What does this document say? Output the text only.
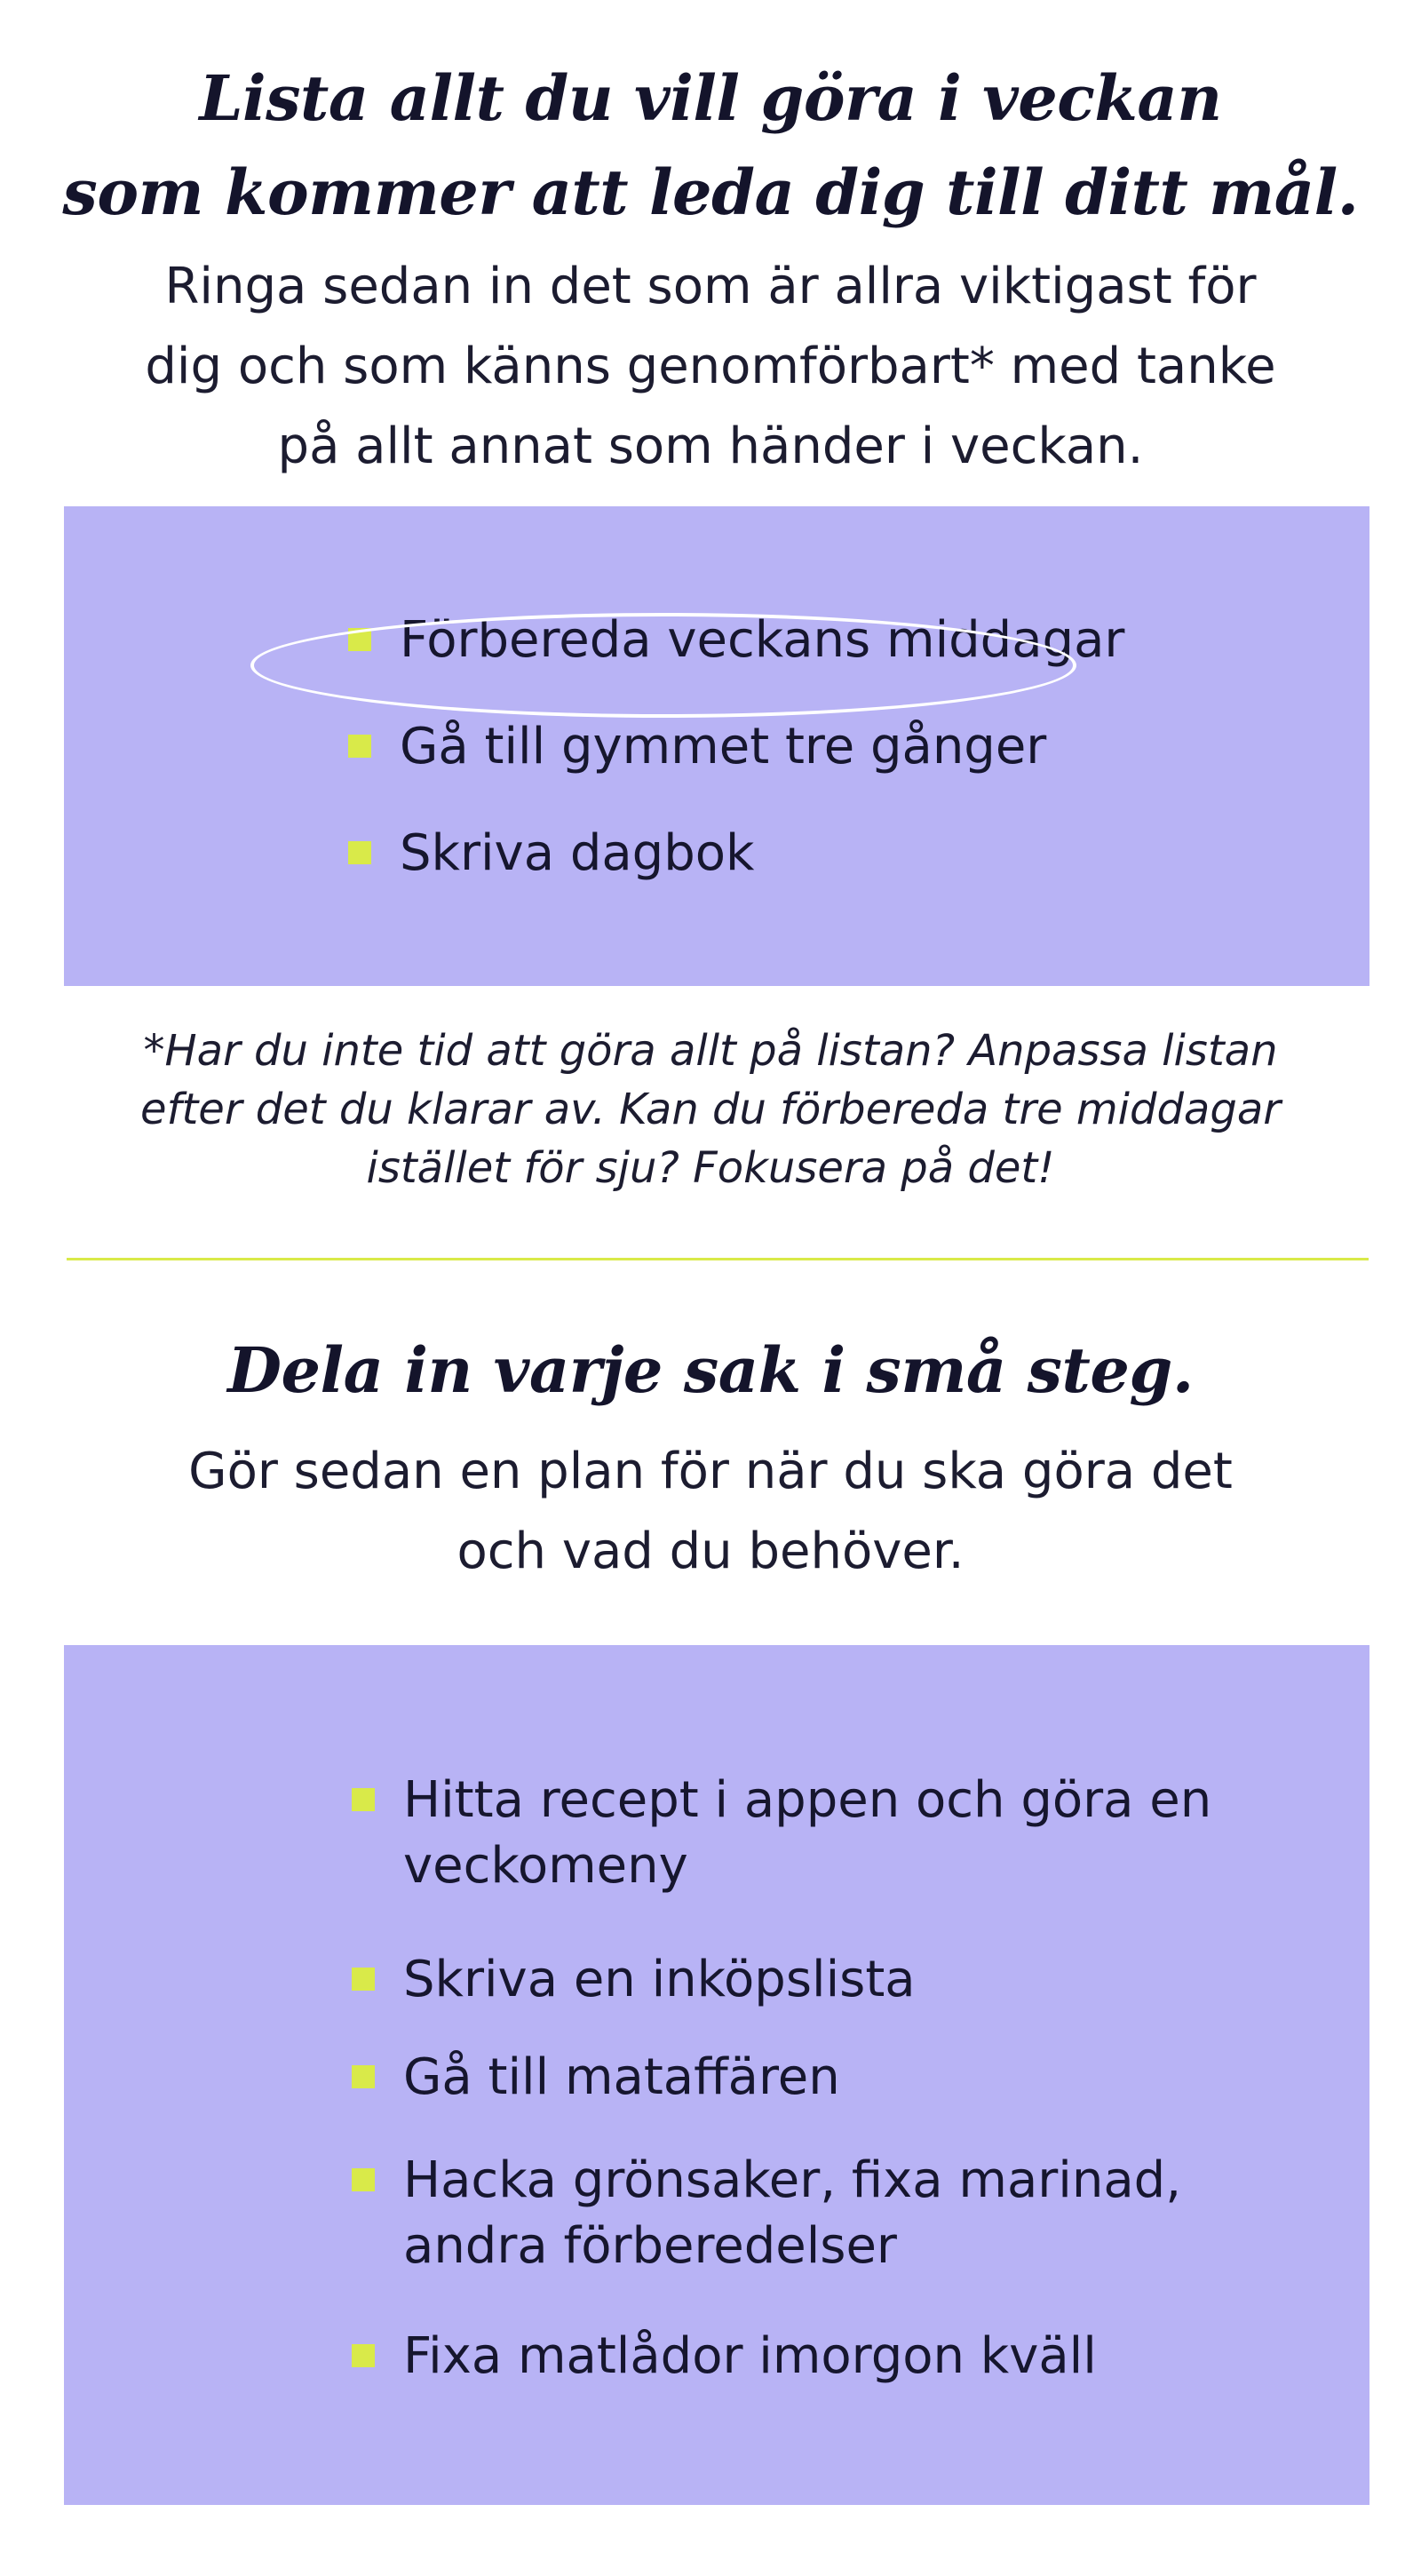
Lista allt du vill göra i veckan
som kommer att leda dig till ditt mål.

Ringa sedan in det som är allra viktigast för
dig och som känns genomförbart* med tanke
på allt annat som händer i veckan.

Förbereda veckans middagar
Gå till gymmet tre gånger
Skriva dagbok

*Har du inte tid att göra allt på listan? Anpassa listan
efter det du klarar av. Kan du förbereda tre middagar
istället för sju? Fokusera på det!

Dela in varje sak i små steg.

Gör sedan en plan för när du ska göra det
och vad du behöver.

Hitta recept i appen och göra en
veckomeny
Skriva en inköpslista
Gå till mataffären
Hacka grönsaker, fixa marinad,
andra förberedelser
Fixa matlådor imorgon kväll
